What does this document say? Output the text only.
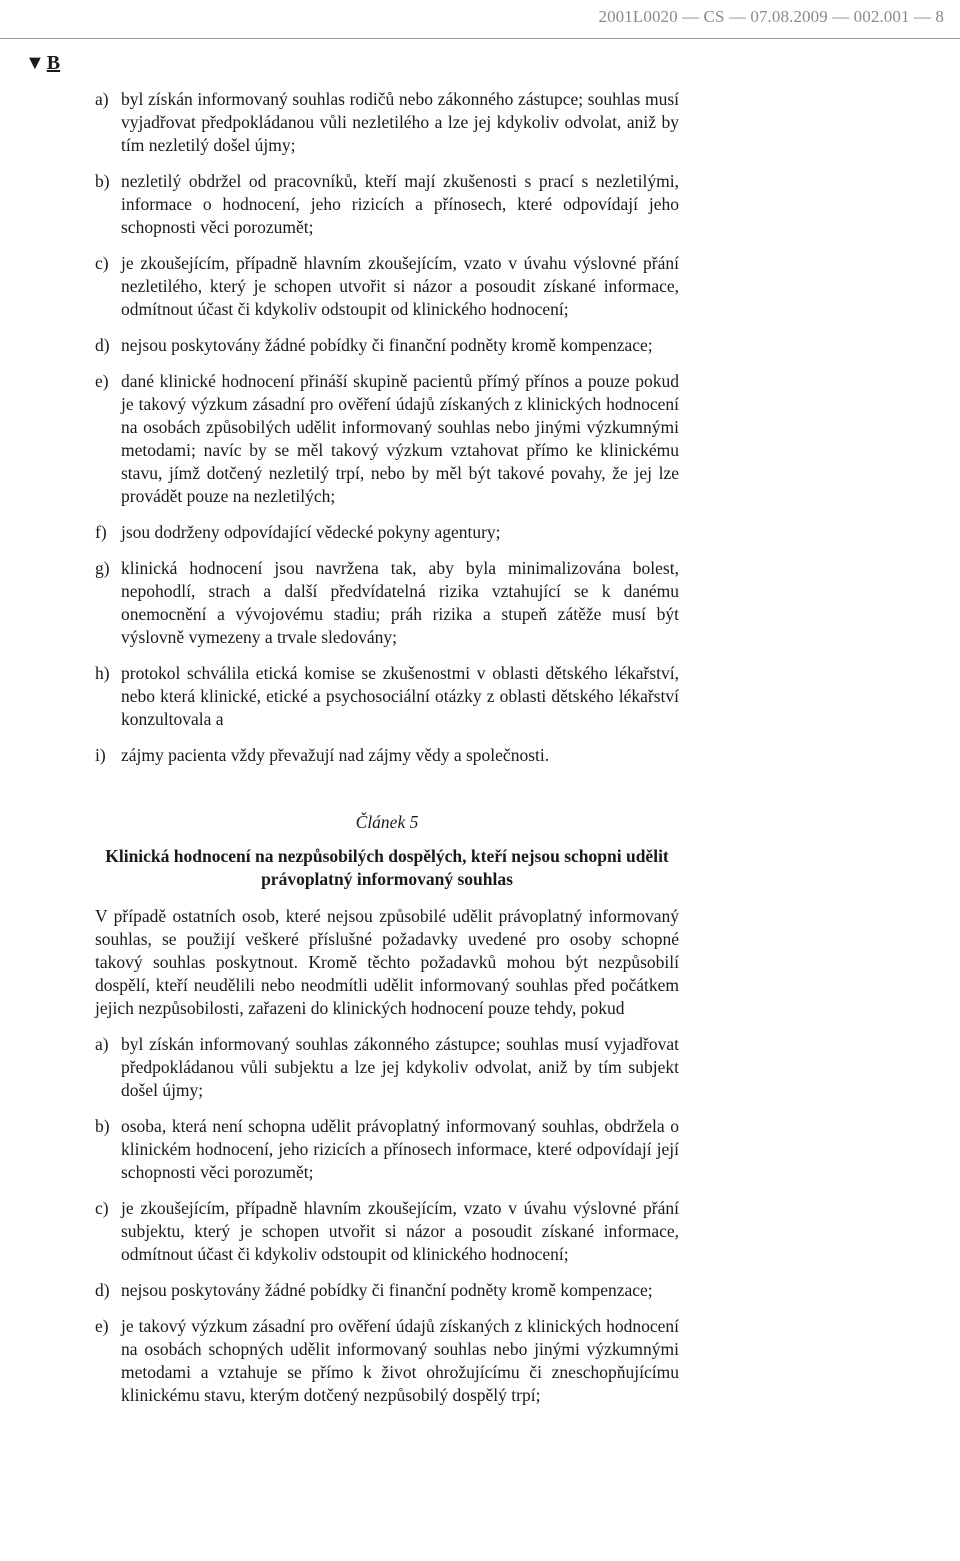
2001L0020 — CS — 07.08.2009 — 002.001 — 8
▼ B
a) byl získán informovaný souhlas rodičů nebo zákonného zástupce; souhlas musí vyjadřovat předpokládanou vůli nezletilého a lze jej kdykoliv odvolat, aniž by tím nezletilý došel újmy;
b) nezletilý obdržel od pracovníků, kteří mají zkušenosti s prací s nezletilými, informace o hodnocení, jeho rizicích a přínosech, které odpovídají jeho schopnosti věci porozumět;
c) je zkoušejícím, případně hlavním zkoušejícím, vzato v úvahu výslovné přání nezletilého, který je schopen utvořit si názor a posoudit získané informace, odmítnout účast či kdykoliv odstoupit od klinického hodnocení;
d) nejsou poskytovány žádné pobídky či finanční podněty kromě kompenzace;
e) dané klinické hodnocení přináší skupině pacientů přímý přínos a pouze pokud je takový výzkum zásadní pro ověření údajů získaných z klinických hodnocení na osobách způsobilých udělit informovaný souhlas nebo jinými výzkumnými metodami; navíc by se měl takový výzkum vztahovat přímo ke klinickému stavu, jímž dotčený nezletilý trpí, nebo by měl být takové povahy, že jej lze provádět pouze na nezletilých;
f) jsou dodrženy odpovídající vědecké pokyny agentury;
g) klinická hodnocení jsou navržena tak, aby byla minimalizována bolest, nepohodlí, strach a další předvídatelná rizika vztahující se k danému onemocnění a vývojovému stadiu; práh rizika a stupeň zátěže musí být výslovně vymezeny a trvale sledovány;
h) protokol schválila etická komise se zkušenostmi v oblasti dětského lékařství, nebo která klinické, etické a psychosociální otázky z oblasti dětského lékařství konzultovala a
i) zájmy pacienta vždy převažují nad zájmy vědy a společnosti.
Článek 5
Klinická hodnocení na nezpůsobilých dospělých, kteří nejsou schopni udělit právoplatný informovaný souhlas
V případě ostatních osob, které nejsou způsobilé udělit právoplatný informovaný souhlas, se použijí veškeré příslušné požadavky uvedené pro osoby schopné takový souhlas poskytnout. Kromě těchto požadavků mohou být nezpůsobilí dospělí, kteří neudělili nebo neodmítli udělit informovaný souhlas před počátkem jejich nezpůsobilosti, zařazeni do klinických hodnocení pouze tehdy, pokud
a) byl získán informovaný souhlas zákonného zástupce; souhlas musí vyjadřovat předpokládanou vůli subjektu a lze jej kdykoliv odvolat, aniž by tím subjekt došel újmy;
b) osoba, která není schopna udělit právoplatný informovaný souhlas, obdržela o klinickém hodnocení, jeho rizicích a přínosech informace, které odpovídají její schopnosti věci porozumět;
c) je zkoušejícím, případně hlavním zkoušejícím, vzato v úvahu výslovné přání subjektu, který je schopen utvořit si názor a posoudit získané informace, odmítnout účast či kdykoliv odstoupit od klinického hodnocení;
d) nejsou poskytovány žádné pobídky či finanční podněty kromě kompenzace;
e) je takový výzkum zásadní pro ověření údajů získaných z klinických hodnocení na osobách schopných udělit informovaný souhlas nebo jinými výzkumnými metodami a vztahuje se přímo k život ohrožujícímu či zneschopňujícímu klinickému stavu, kterým dotčený nezpůsobilý dospělý trpí;
